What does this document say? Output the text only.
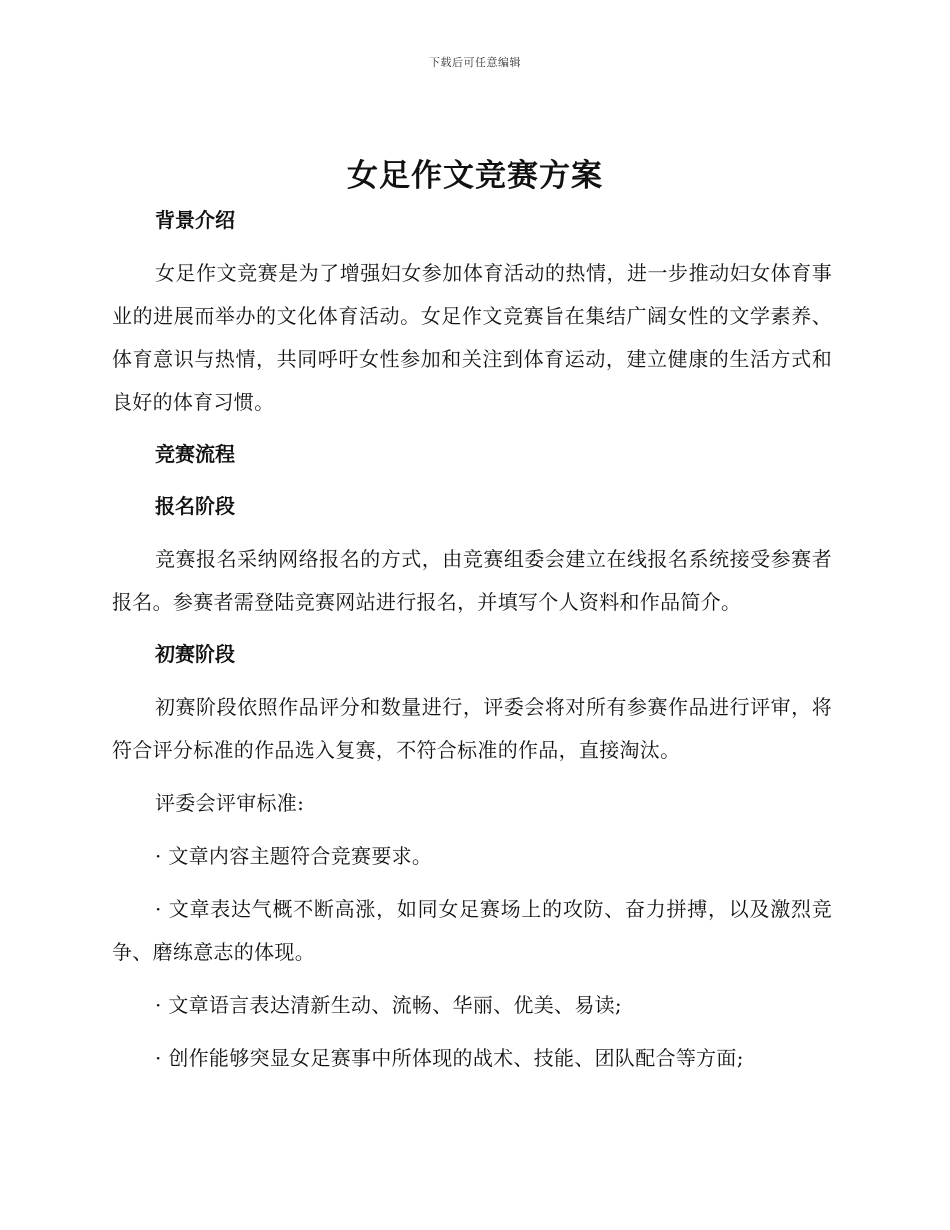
下载后可任意编辑
女足作文竞赛方案
背景介绍

女足作文竞赛是为了增强妇女参加体育活动的热情，进一步推动妇女体育事业的进展而举办的文化体育活动。女足作文竞赛旨在集结广阔女性的文学素养、体育意识与热情，共同呼吁女性参加和关注到体育运动，建立健康的生活方式和良好的体育习惯。

竞赛流程
报名阶段

竞赛报名采纳网络报名的方式，由竞赛组委会建立在线报名系统接受参赛者报名。参赛者需登陆竞赛网站进行报名，并填写个人资料和作品简介。

初赛阶段

初赛阶段依照作品评分和数量进行，评委会将对所有参赛作品进行评审，将符合评分标准的作品选入复赛，不符合标准的作品，直接淘汰。

评委会评审标准:

· 文章内容主题符合竞赛要求。

· 文章表达气概不断高涨，如同女足赛场上的攻防、奋力拼搏，以及激烈竞争、磨练意志的体现。

· 文章语言表达清新生动、流畅、华丽、优美、易读;

· 创作能够突显女足赛事中所体现的战术、技能、团队配合等方面;
